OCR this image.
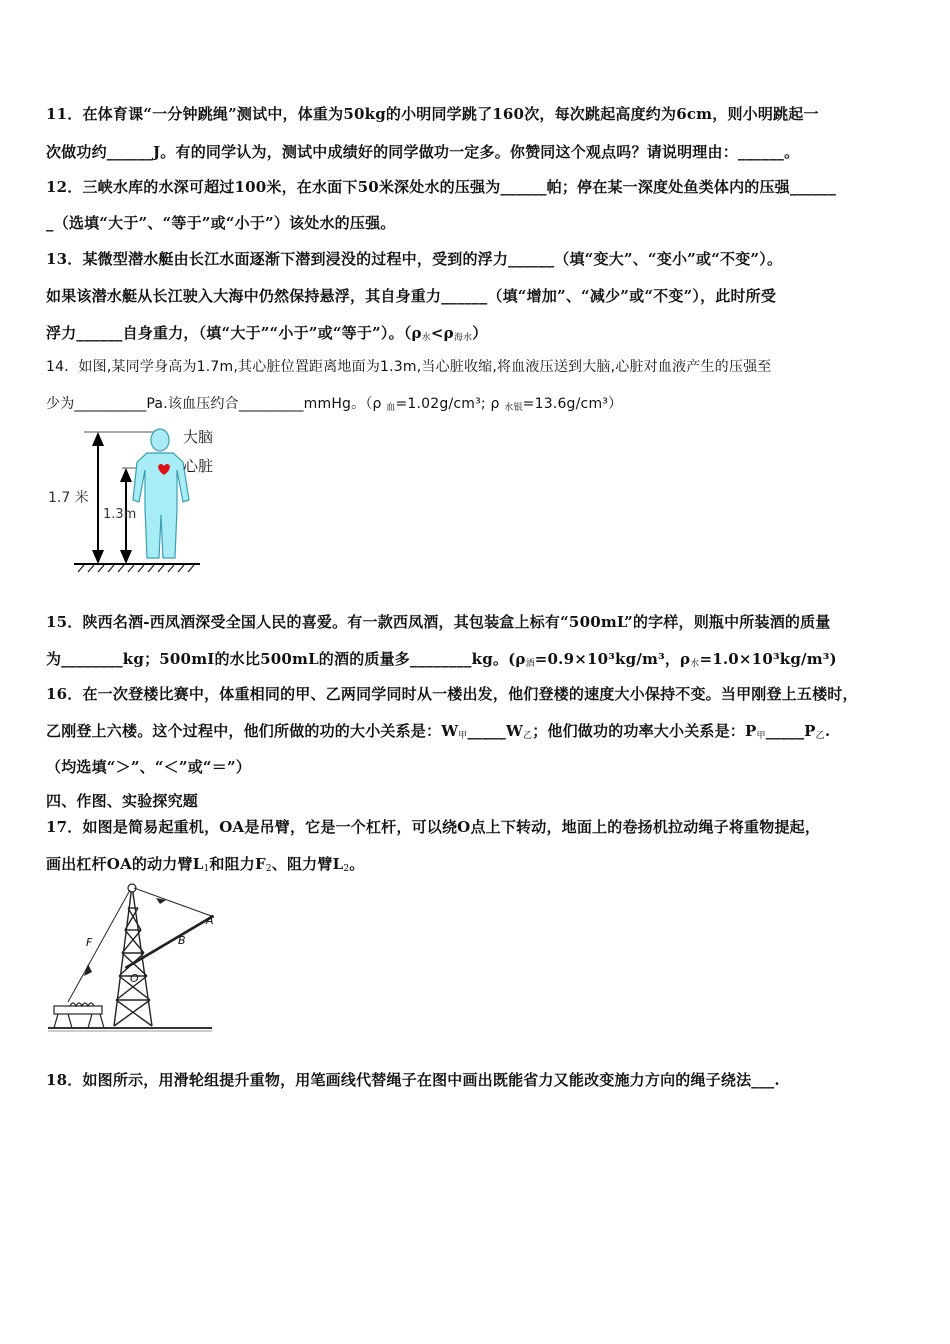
11．在体育课“一分钟跳绳”测试中，体重为50kg的小明同学跳了160次，每次跳起高度约为6cm，则小明跳起一
次做功约______J。有的同学认为，测试中成绩好的同学做功一定多。你赞同这个观点吗？请说明理由：______。
12．三峡水库的水深可超过100米，在水面下50米深处水的压强为______帕；停在某一深度处鱼类体内的压强______
_（选填“大于”、“等于”或“小于”）该处水的压强。
13．某微型潜水艇由长江水面逐渐下潜到浸没的过程中，受到的浮力______（填“变大”、“变小”或“不变”）。
如果该潜水艇从长江驶入大海中仍然保持悬浮，其自身重力______（填“增加”、“减少”或“不变”），此时所受
浮力______自身重力，（填“大于”“小于”或“等于”）。$(\rho_水<\rho_{海水})$
14．如图,某同学身高为1.7m,其心脏位置距离地面为1.3m,当心脏收缩,将血液压送到大脑,心脏对血液产生的压强至
少为__________Pa.该血压约合_________mmHg。（ρ $_血$=1.02g/cm³; ρ $_{水银}$=13.6g/cm³）
大脑
心脏
1.7 米
1.3m
15．陕西名酒-西凤酒深受全国人民的喜爱。有一款西凤酒，其包装盒上标有“500mL”的字样，则瓶中所装酒的质量
为________kg；500mI的水比500mL的酒的质量多________kg。($\rho_酒=0.9\times 10^3kg/m^3$，$\rho_水=1.0\times 10^3kg/m^3$)
16．在一次登楼比赛中，体重相同的甲、乙两同学同时从一楼出发，他们登楼的速度大小保持不变。当甲刚登上五楼时，
乙刚登上六楼。这个过程中，他们所做的功的大小关系是：$W_甲\_\_\_\_\_W_乙$；他们做功的功率大小关系是：$P_甲\_\_\_\_\_P_乙$.
（均选填“＞”、“＜”或“＝”）
四、作图、实验探究题
17．如图是简易起重机，OA是吊臂，它是一个杠杆，可以绕O点上下转动，地面上的卷扬机拉动绳子将重物提起，
画出杠杆OA的动力臂$L_1$和阻力$F_2$、阻力臂$L_2$。
F
A
B
O
18．如图所示，用滑轮组提升重物，用笔画线代替绳子在图中画出既能省力又能改变施力方向的绳子绕法___.
